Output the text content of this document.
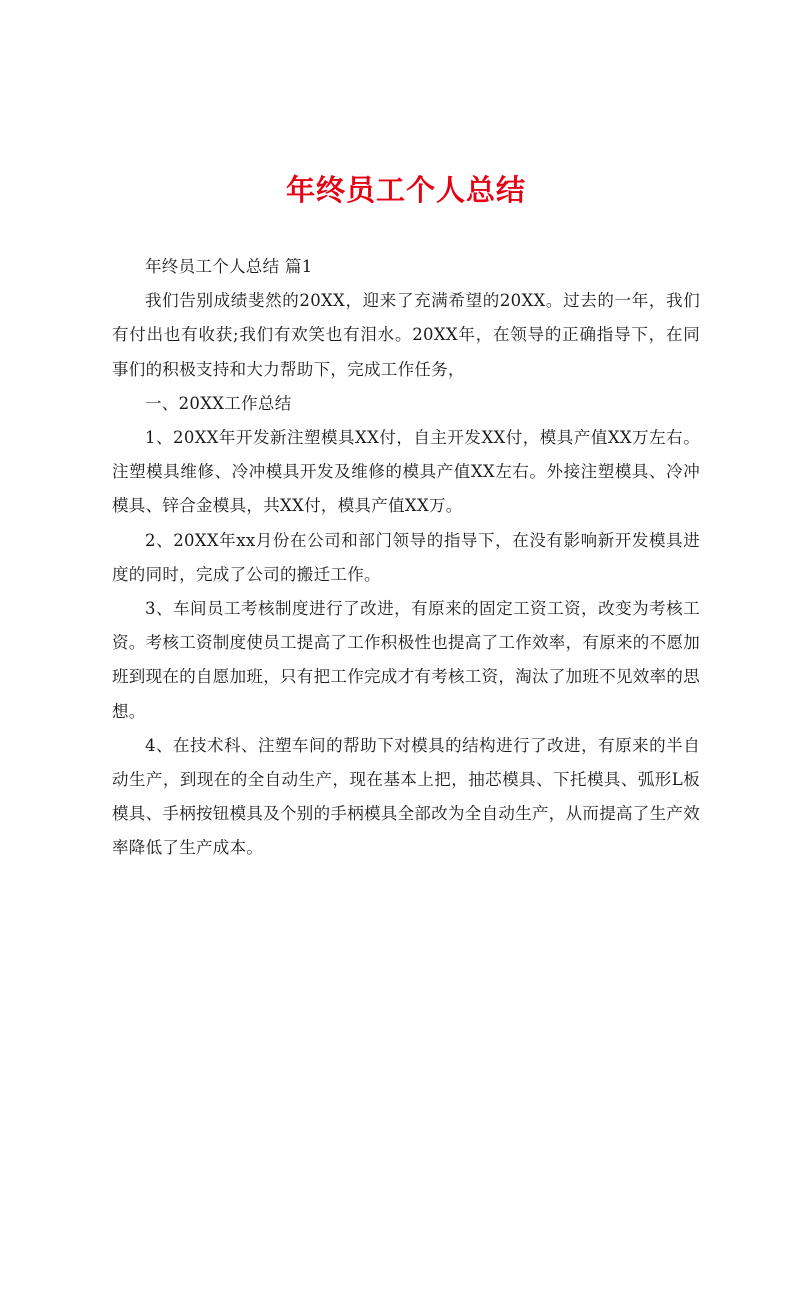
年终员工个人总结

年终员工个人总结 篇1

我们告别成绩斐然的20XX，迎来了充满希望的20XX。过去的一年，我们有付出也有收获;我们有欢笑也有泪水。20XX年，在领导的正确指导下，在同事们的积极支持和大力帮助下，完成工作任务，

一、20XX工作总结

1、20XX年开发新注塑模具XX付，自主开发XX付，模具产值XX万左右。注塑模具维修、冷冲模具开发及维修的模具产值XX左右。外接注塑模具、冷冲模具、锌合金模具，共XX付，模具产值XX万。

2、20XX年xx月份在公司和部门领导的指导下，在没有影响新开发模具进度的同时，完成了公司的搬迁工作。

3、车间员工考核制度进行了改进，有原来的固定工资工资，改变为考核工资。考核工资制度使员工提高了工作积极性也提高了工作效率，有原来的不愿加班到现在的自愿加班，只有把工作完成才有考核工资，淘汰了加班不见效率的思想。

4、在技术科、注塑车间的帮助下对模具的结构进行了改进，有原来的半自动生产，到现在的全自动生产，现在基本上把，抽芯模具、下托模具、弧形L板模具、手柄按钮模具及个别的手柄模具全部改为全自动生产，从而提高了生产效率降低了生产成本。
